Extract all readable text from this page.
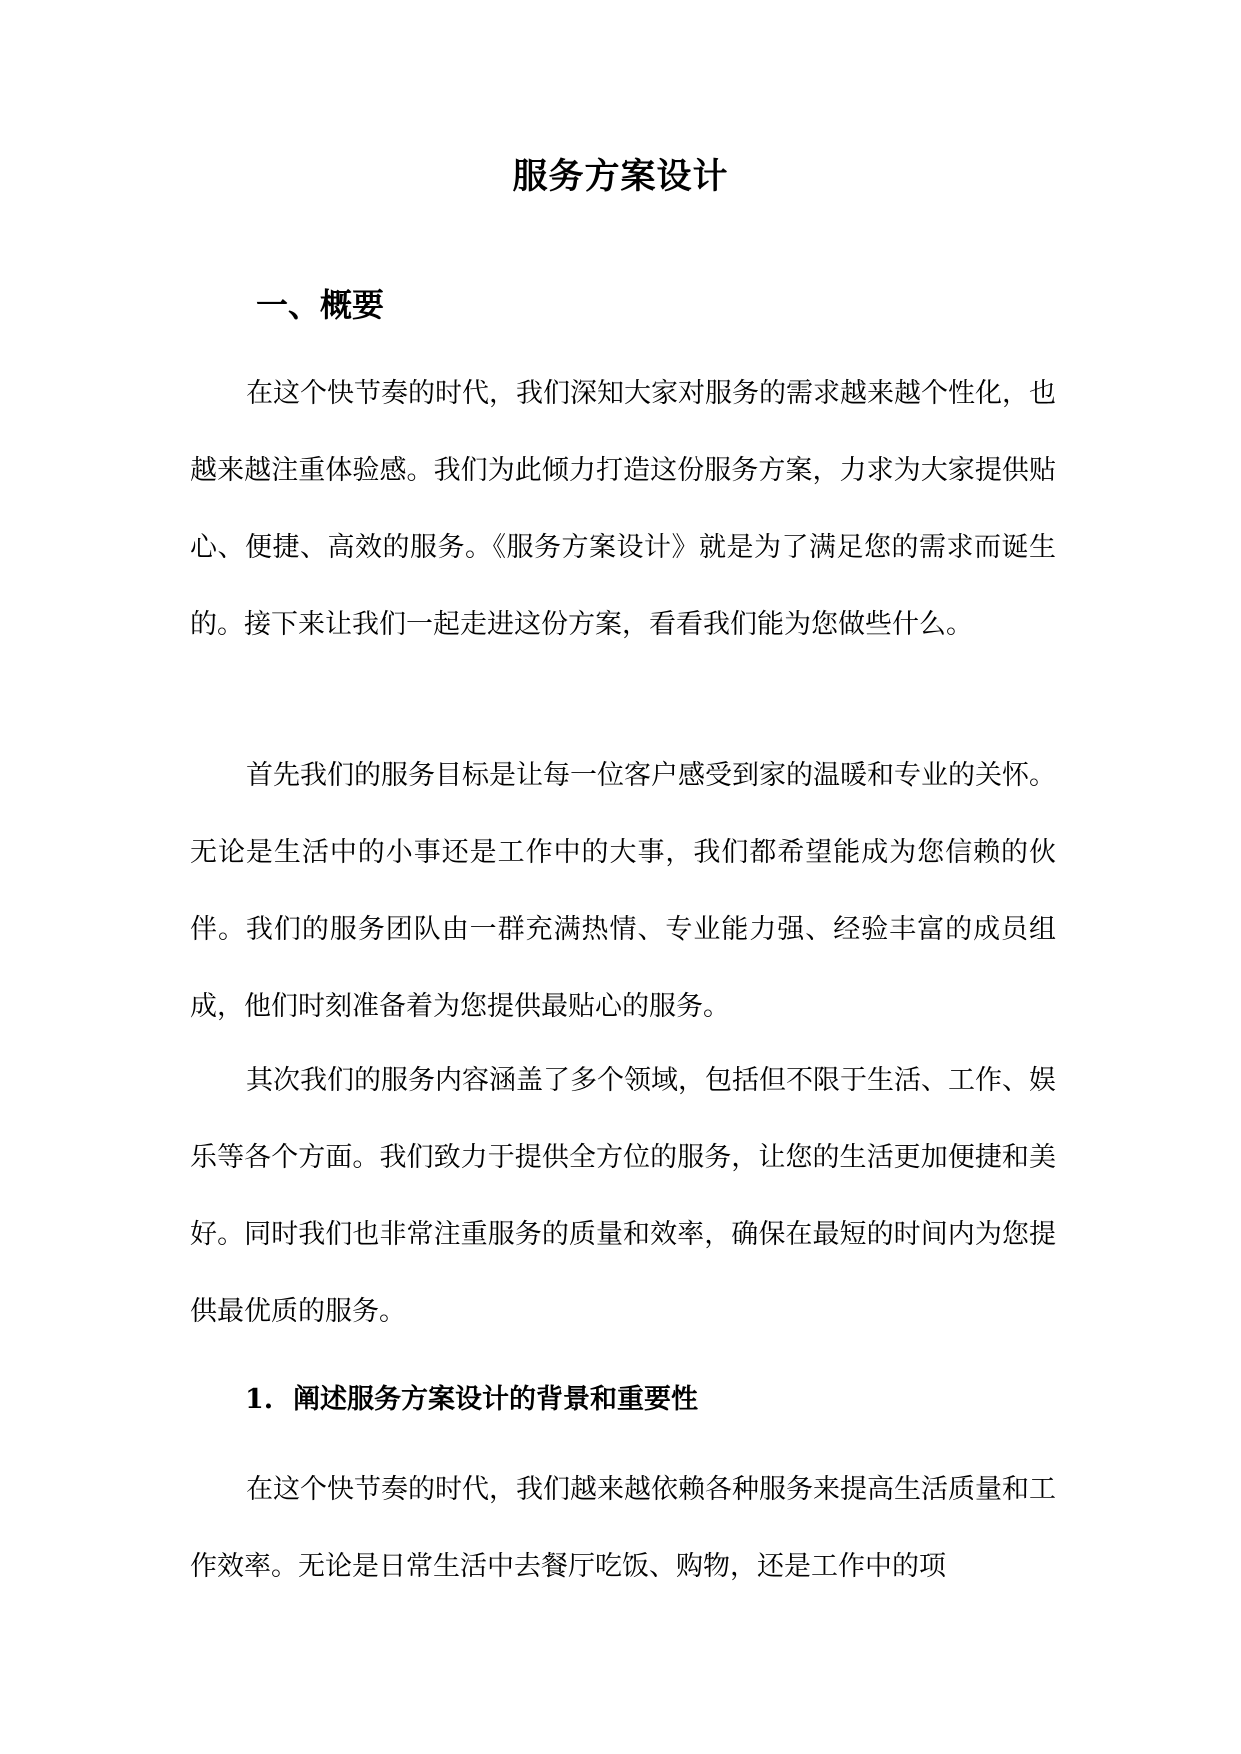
服务方案设计
一、概要

在这个快节奏的时代，我们深知大家对服务的需求越来越个性化，也越来越注重体验感。我们为此倾力打造这份服务方案，力求为大家提供贴心、便捷、高效的服务。《服务方案设计》就是为了满足您的需求而诞生的。接下来让我们一起走进这份方案，看看我们能为您做些什么。

首先我们的服务目标是让每一位客户感受到家的温暖和专业的关怀。无论是生活中的小事还是工作中的大事，我们都希望能成为您信赖的伙伴。我们的服务团队由一群充满热情、专业能力强、经验丰富的成员组成，他们时刻准备着为您提供最贴心的服务。

其次我们的服务内容涵盖了多个领域，包括但不限于生活、工作、娱乐等各个方面。我们致力于提供全方位的服务，让您的生活更加便捷和美好。同时我们也非常注重服务的质量和效率，确保在最短的时间内为您提供最优质的服务。

1. 阐述服务方案设计的背景和重要性

在这个快节奏的时代，我们越来越依赖各种服务来提高生活质量和工作效率。无论是日常生活中去餐厅吃饭、购物，还是工作中的项
